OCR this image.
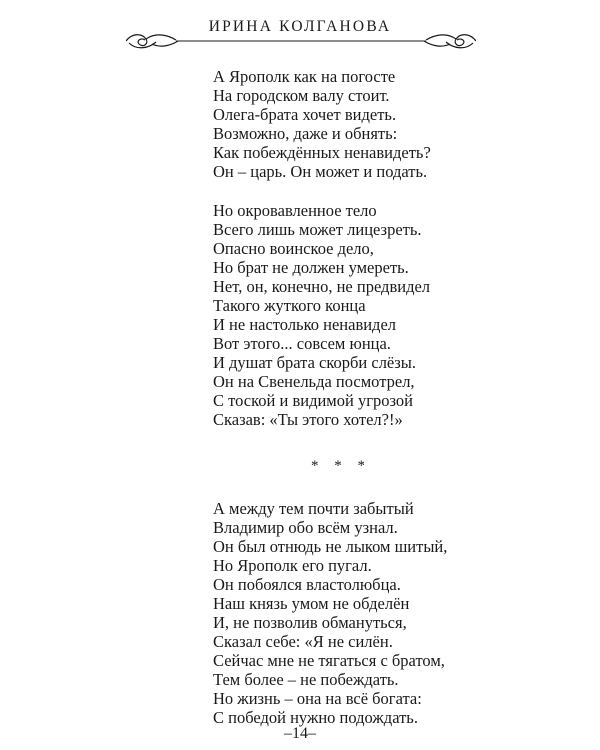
ИРИНА КОЛГАНОВА
А Ярополк как на погосте
На городском валу стоит.
Олега-брата хочет видеть.
Возможно, даже и обнять:
Как побеждённых ненавидеть?
Он – царь. Он может и подать.
Но окровавленное тело
Всего лишь может лицезреть.
Опасно воинское дело,
Но брат не должен умереть.
Нет, он, конечно, не предвидел
Такого жуткого конца
И не настолько ненавидел
Вот этого... совсем юнца.
И душат брата скорби слёзы.
Он на Свенельда посмотрел,
С тоской и видимой угрозой
Сказав: «Ты этого хотел?!»
* * *
А между тем почти забытый
Владимир обо всём узнал.
Он был отнюдь не лыком шитый,
Но Ярополк его пугал.
Он побоялся властолюбца.
Наш князь умом не обделён
И, не позволив обмануться,
Сказал себе: «Я не силён.
Сейчас мне не тягаться с братом,
Тем более – не побеждать.
Но жизнь – она на всё богата:
С победой нужно подождать.
–14–
